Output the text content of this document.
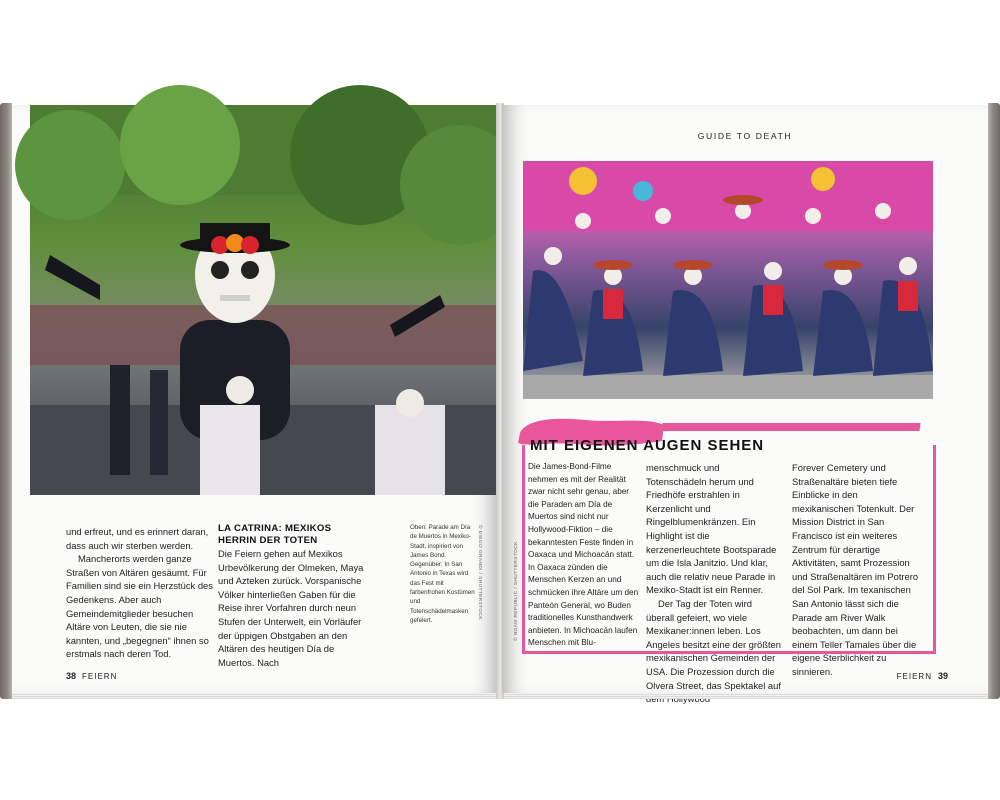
und erfreut, und es erinnert daran, dass auch wir sterben werden.

Mancherorts werden ganze Straßen von Altären gesäumt. Für Familien sind sie ein Herzstück des Gedenkens. Aber auch Gemeindemitglieder besuchen Altäre von Leuten, die sie nie kannten, und „begegnen“ ihnen so erstmals nach deren Tod.

LA CATRINA: MEXIKOS HERRIN DER TOTEN

Die Feiern gehen auf Mexikos Urbevölkerung der Olmeken, Maya und Azteken zurück. Vorspanische Völker hinterließen Gaben für die Reise ihrer Vorfahren durch neun Stufen der Unterwelt, ein Vorläufer der üppigen Obstgaben an den Altären des heutigen Día de Muertos. Nach

Oben: Parade am Día de Muertos in Mexiko-Stadt, inspiriert von James Bond. Gegenüber: In San Antonio in Texas wird das Fest mit farbenfrohen Kostümen und Totenschädelmasken gefeiert.
© DIEGO GRANDI / SHUTTERSTOCK
38 FEIERN
GUIDE TO DEATH
MIT EIGENEN AUGEN SEHEN

Die James-Bond-Filme nehmen es mit der Realität zwar nicht sehr genau, aber die Paraden am Día de Muertos sind nicht nur Hollywood-Fiktion – die bekanntesten Feste finden in Oaxaca und Michoacán statt. In Oaxaca zünden die Menschen Kerzen an und schmücken ihre Altäre um den Panteón General, wo Buden traditionelles Kunsthandwerk anbieten. In Michoacán laufen Menschen mit Blu-

menschmuck und Totenschädeln herum und Friedhöfe erstrahlen in Kerzenlicht und Ringelblumenkränzen. Ein Highlight ist die kerzenerleuchtete Bootsparade um die Isla Janitzio. Und klar, auch die relativ neue Parade in Mexiko-Stadt ist ein Renner.

Der Tag der Toten wird überall gefeiert, wo viele Mexikaner:innen leben. Los Angeles besitzt eine der größten mexikanischen Gemeinden der USA. Die Prozession durch die Olvera Street, das Spektakel auf

Forever Cemetery und Straßenaltäre bieten tiefe Einblicke in den mexikanischen Totenkult. Der Mission District in San Francisco ist ein weiteres Zentrum für derartige Aktivitäten, samt Prozession und Straßenaltären im Potrero del Sol Park. Im texanischen San Antonio lässt sich die Parade am River Walk beobachten, um dann bei einem Teller Tamales über die eigene Sterblichkeit zu sinnieren.

© NOAM REPUBLIC / SHUTTERSTOCK
FEIERN 39
